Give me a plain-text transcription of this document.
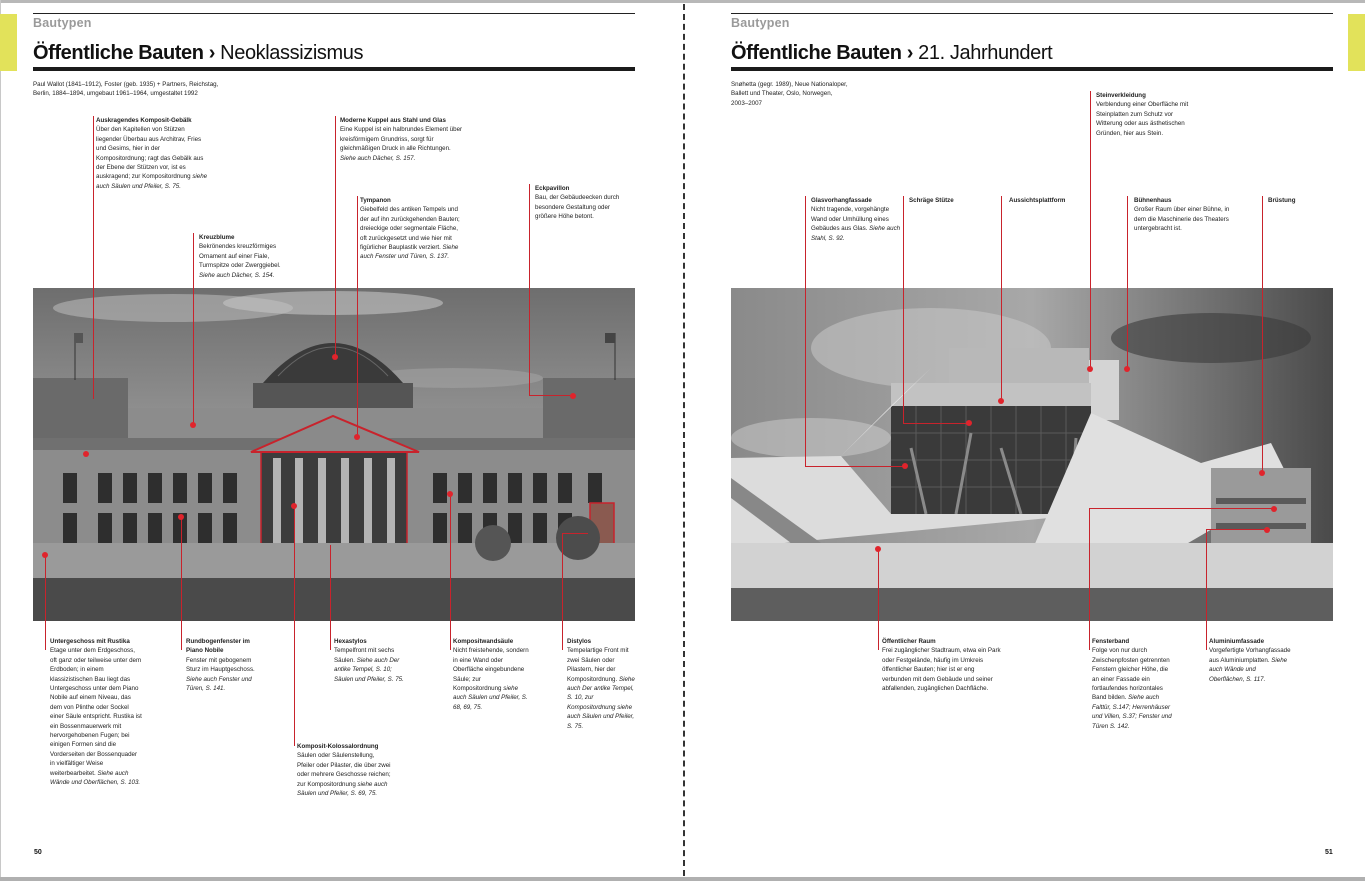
Bautypen
Öffentliche Bauten › Neoklassizismus
Paul Wallot (1841–1912), Foster (geb. 1935) + Partners, Reichstag,
Berlin, 1884–1894, umgebaut 1961–1964, umgestaltet 1992
Auskragendes Komposit-Gebälk
Über den Kapitellen von Stützen liegender Überbau aus Architrav, Fries und Gesims, hier in der Kompositordnung; ragt das Gebälk aus der Ebene der Stützen vor, ist es auskragend; zur Kompositordnung siehe auch Säulen und Pfeiler, S. 75.
Kreuzblume
Bekrönendes kreuzförmiges Ornament auf einer Fiale, Turmspitze oder Zwerggiebel. Siehe auch Dächer, S. 154.
Moderne Kuppel aus Stahl und Glas
Eine Kuppel ist ein halbrundes Element über kreisförmigem Grundriss, sorgt für gleichmäßigen Druck in alle Richtungen. Siehe auch Dächer, S. 157.
Tympanon
Giebelfeld des antiken Tempels und der auf ihn zurückgehenden Bauten; dreieckige oder segmentale Fläche, oft zurückgesetzt und wie hier mit figürlicher Bauplastik verziert. Siehe auch Fenster und Türen, S. 137.
Eckpavillon
Bau, der Gebäudeecken durch besondere Gestaltung oder größere Höhe betont.
Untergeschoss mit Rustika
Etage unter dem Erdgeschoss, oft ganz oder teilweise unter dem Erdboden; in einem klassizistischen Bau liegt das Untergeschoss unter dem Piano Nobile auf einem Niveau, das dem von Plinthe oder Sockel einer Säule entspricht. Rustika ist ein Bossenmauerwerk mit hervorgehobenen Fugen; bei einigen Formen sind die Vorderseiten der Bossenquader in vielfältiger Weise weiterbearbeitet. Siehe auch Wände und Oberflächen, S. 103.
Rundbogenfenster im Piano Nobile
Fenster mit gebogenem Sturz im Hauptgeschoss. Siehe auch Fenster und Türen, S. 141.
Hexastylos
Tempelfront mit sechs Säulen. Siehe auch Der antike Tempel, S. 10; Säulen und Pfeiler, S. 75.
Kompositwandsäule
Nicht freistehende, sondern in eine Wand oder Oberfläche eingebundene Säule; zur Kompositordnung siehe auch Säulen und Pfeiler, S. 68, 69, 75.
Distylos
Tempelartige Front mit zwei Säulen oder Pilastern, hier der Kompositordnung. Siehe auch Der antike Tempel, S. 10, zur Kompositordnung siehe auch Säulen und Pfeiler, S. 75.
Komposit-Kolossalordnung
Säulen oder Säulenstellung, Pfeiler oder Pilaster, die über zwei oder mehrere Geschosse reichen; zur Kompositordnung siehe auch Säulen und Pfeiler, S. 69, 75.
50
Bautypen
Öffentliche Bauten › 21. Jahrhundert
Snøhetta (gegr. 1989), Neue Nationaloper,
Ballett und Theater, Oslo, Norwegen,
2003–2007
Steinverkleidung
Verblendung einer Oberfläche mit Steinplatten zum Schutz vor Witterung oder aus ästhetischen Gründen, hier aus Stein.
Glasvorhangfassade
Nicht tragende, vorgehängte Wand oder Umhüllung eines Gebäudes aus Glas. Siehe auch Stahl, S. 92.
Schräge Stütze	Aussichtsplattform	Bühnenhaus
Großer Raum über einer Bühne, in dem die Maschinerie des Theaters untergebracht ist.
Brüstung
Öffentlicher Raum
Frei zugänglicher Stadtraum, etwa ein Park oder Festgelände, häufig im Umkreis öffentlicher Bauten; hier ist er eng verbunden mit dem Gebäude und seiner abfallenden, zugänglichen Dachfläche.
Fensterband
Folge von nur durch Zwischenpfosten getrennten Fenstern gleicher Höhe, die an einer Fassade ein fortlaufendes horizontales Band bilden. Siehe auch Falttür, S.147; Herrenhäuser und Villen, S.37; Fenster und Türen S. 142.
Aluminiumfassade
Vorgefertigte Vorhangfassade aus Aluminiumplatten. Siehe auch Wände und Oberflächen, S. 117.
51
